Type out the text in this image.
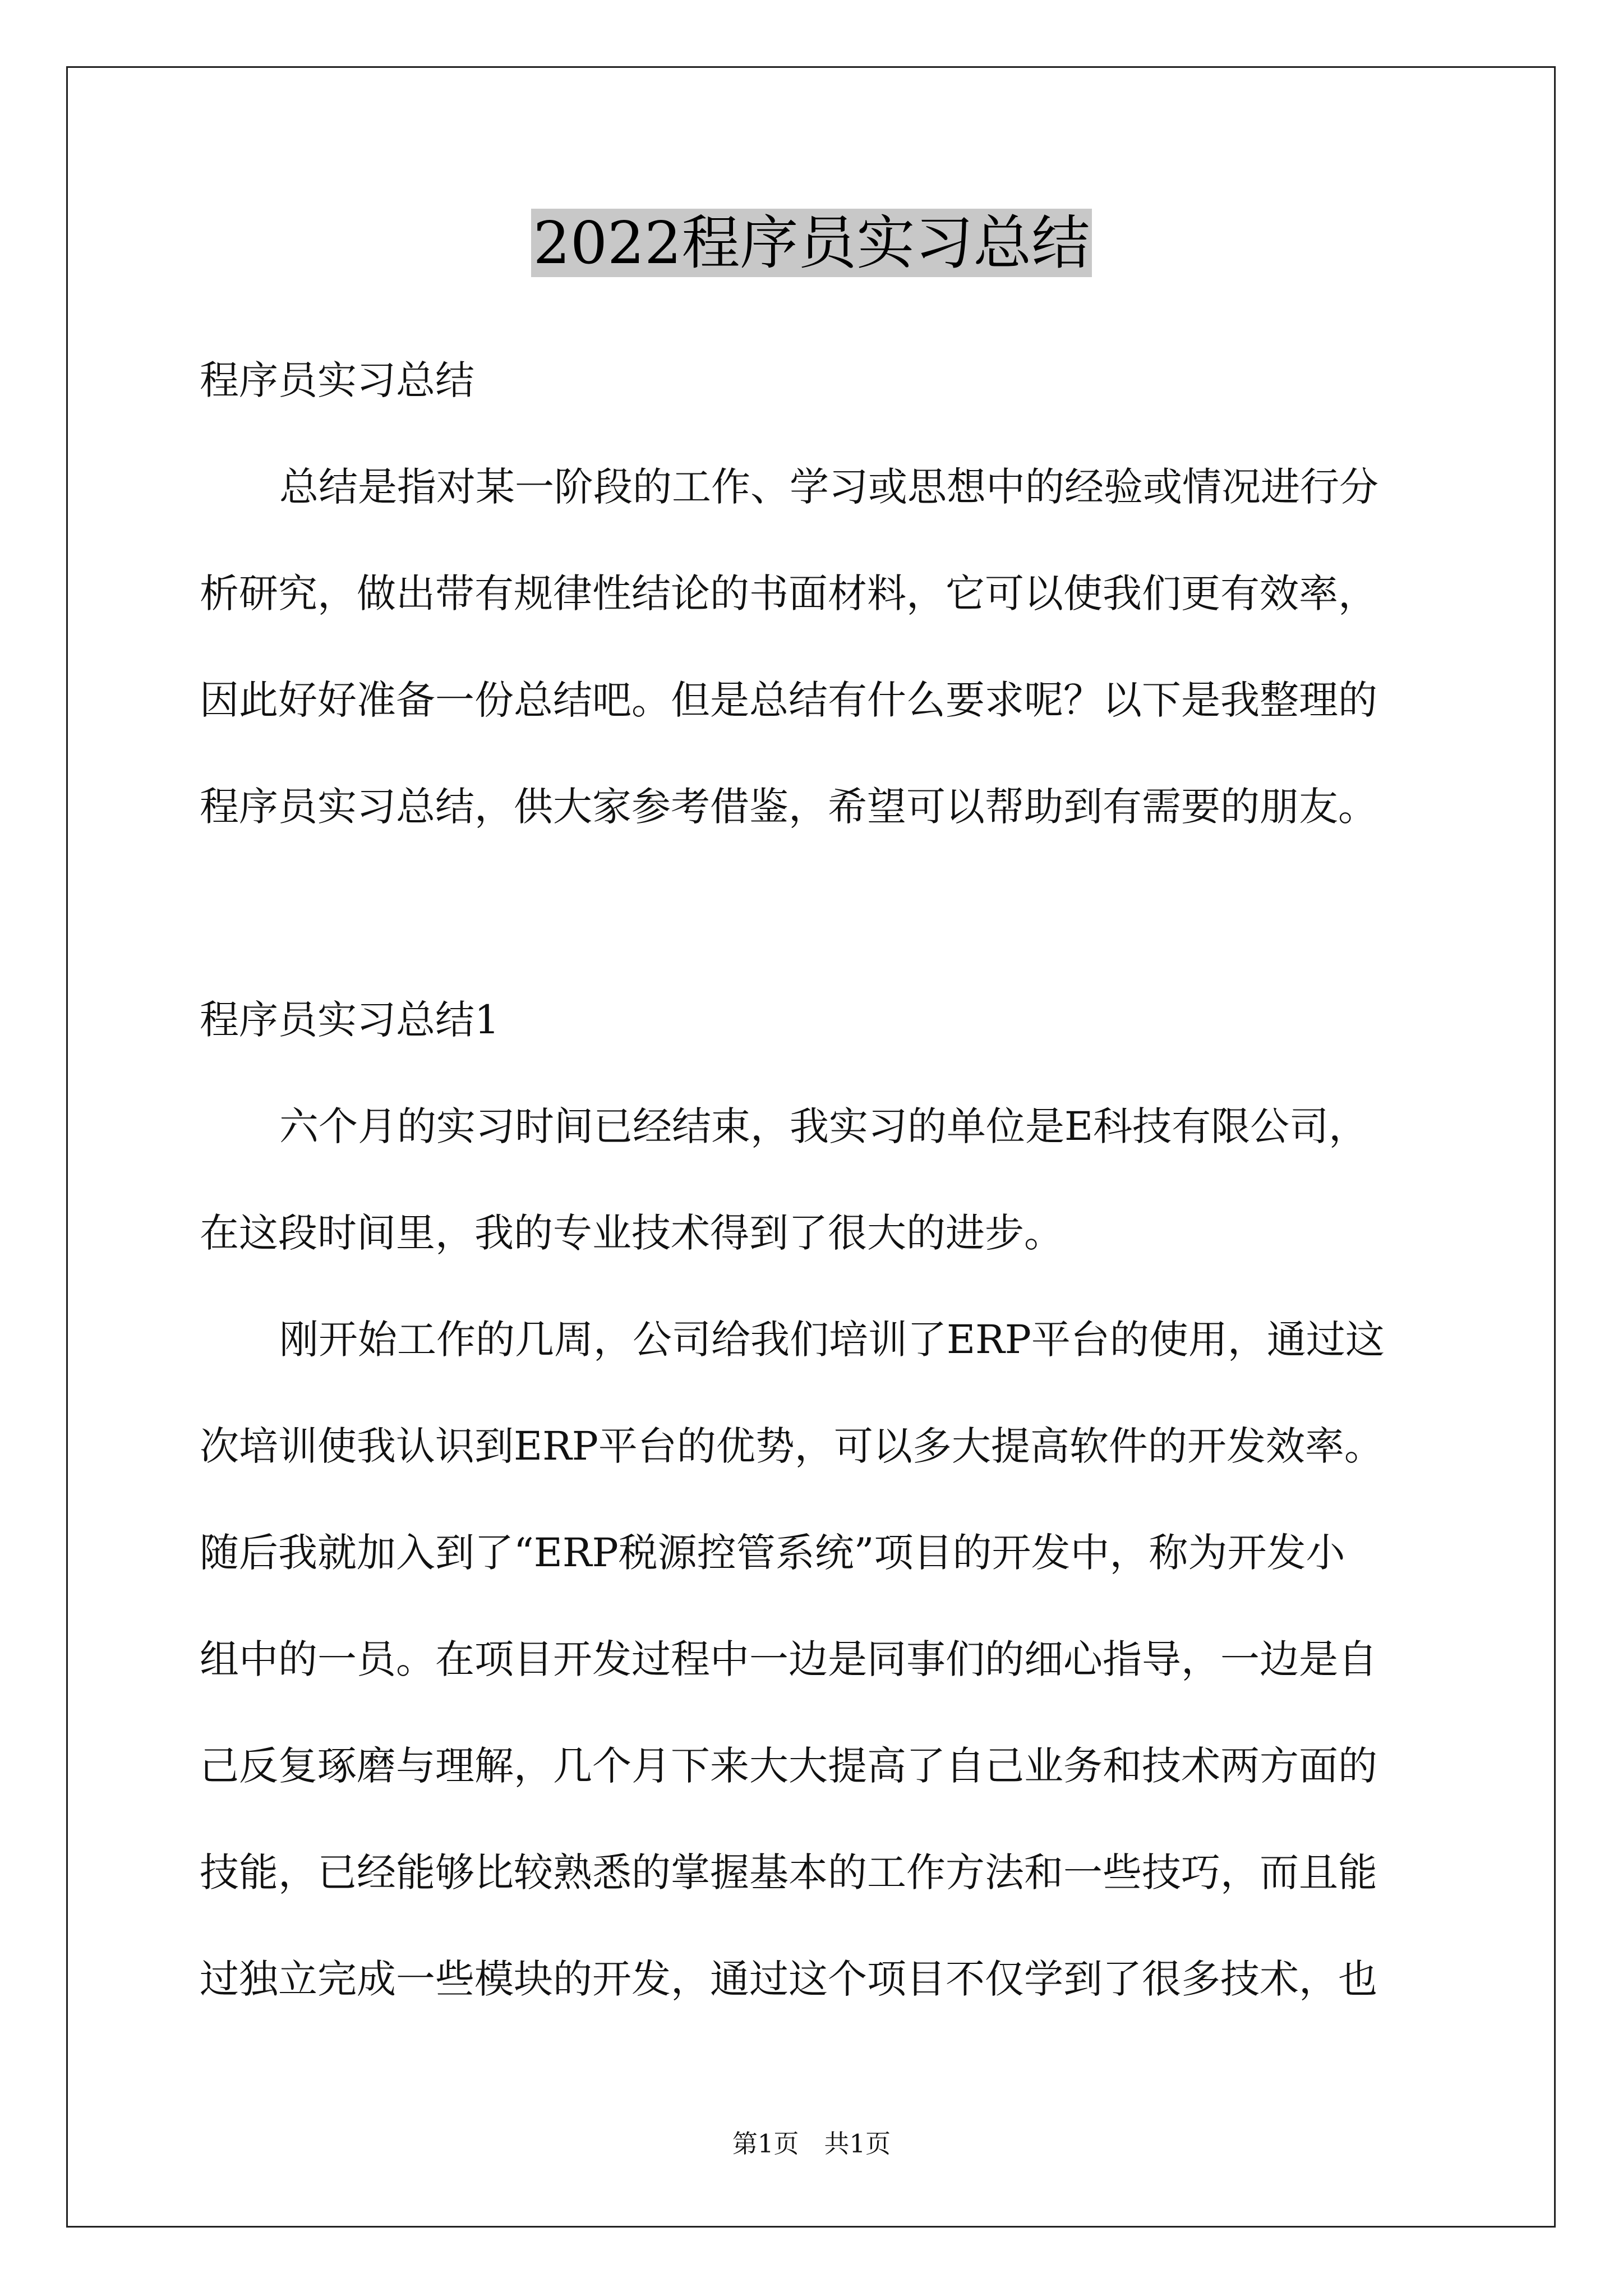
2022程序员实习总结

程序员实习总结

总结是指对某一阶段的工作、学习或思想中的经验或情况进行分

析研究，做出带有规律性结论的书面材料，它可以使我们更有效率，

因此好好准备一份总结吧。但是总结有什么要求呢？以下是我整理的

程序员实习总结，供大家参考借鉴，希望可以帮助到有需要的朋友。

程序员实习总结1

六个月的实习时间已经结束，我实习的单位是E科技有限公司，

在这段时间里，我的专业技术得到了很大的进步。

刚开始工作的几周，公司给我们培训了ERP平台的使用，通过这

次培训使我认识到ERP平台的优势，可以多大提高软件的开发效率。

随后我就加入到了“ERP税源控管系统”项目的开发中，称为开发小

组中的一员。在项目开发过程中一边是同事们的细心指导，一边是自

己反复琢磨与理解，几个月下来大大提高了自己业务和技术两方面的

技能，已经能够比较熟悉的掌握基本的工作方法和一些技巧，而且能

过独立完成一些模块的开发，通过这个项目不仅学到了很多技术，也

第1页　共1页
